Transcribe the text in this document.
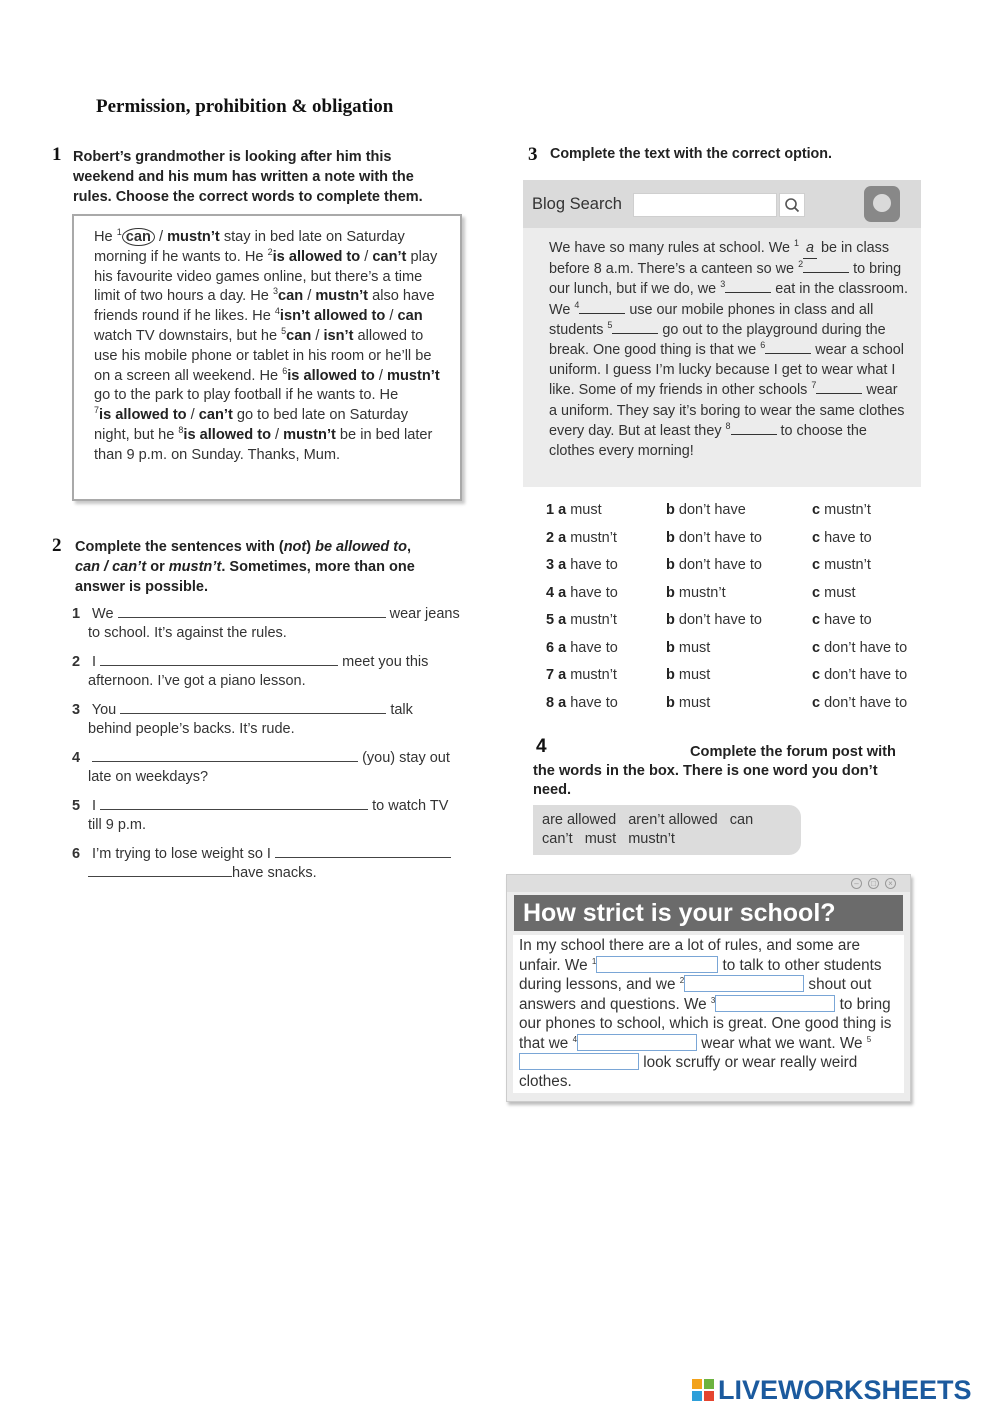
Permission, prohibition & obligation
1 Robert’s grandmother is looking after him this weekend and his mum has written a note with the rules. Choose the correct words to complete them.
He $^1$ can / mustn’t stay in bed late on Saturday morning if he wants to. He $^2$is allowed to / can’t play his favourite video games online, but there’s a time limit of two hours a day. He $^3$can / mustn’t also have friends round if he likes. He $^4$isn’t allowed to / can watch TV downstairs, but he $^5$can / isn’t allowed to use his mobile phone or tablet in his room or he’ll be on a screen all weekend. He $^6$is allowed to / mustn’t go to the park to play football if he wants to. He
$^7$is allowed to / can’t go to bed late on Saturday night, but he $^8$is allowed to / mustn’t be in bed later than 9 p.m. on Sunday. Thanks, Mum.
2 Complete the sentences with (not) be allowed to, can / can’t or mustn’t. Sometimes, more than one answer is possible.
1 We	wear jeans
to school. It’s against the rules.
2 I	meet you this
afternoon. I’ve got a piano lesson.
3 You	talk
behind people’s backs. It’s rude.
4	(you) stay out
late on weekdays?
5 I	to watch TV
till 9 p.m.
6 I’m trying to lose weight so I
have snacks.
3 Complete the text with the correct option.
Blog Search
We have so many rules at school. We $^1$ a be in class before 8 a.m. There’s a canteen so we $^2$	to bring our lunch, but if we do, we $^3$	eat in the classroom. We $^4$	use our mobile phones in class and all students $^5$	go out to the playground during the break. One good thing is that we $^6$	wear a school uniform. I guess I’m lucky because I get to wear what I like. Some of my friends in other schools $^7$	wear a uniform. They say it’s boring to wear the same clothes every day. But at least they $^8$	to choose the clothes every morning!
1 a must	b don’t have	c mustn’t
2 a mustn’t	b don’t have to	c have to
3 a have to	b don’t have to	c mustn’t
4 a have to	b mustn’t	c must
5 a mustn’t	b don’t have to	c have to
6 a have to	b must	c don’t have to
7 a mustn’t	b must	c don’t have to
8 a have to	b must	c don’t have to
4	Complete the forum post with
the words in the box. There is one word you don’t
need.
are allowed   aren’t allowed   can
can’t   must   mustn’t
–	□	×
How strict is your school?
In my school there are a lot of rules, and some are unfair. We $^1$	to talk to other students during lessons, and we $^2$	shout out answers and questions. We $^3$	to bring our phones to school, which is great. One good thing is that we $^4$	wear what we want. We $^5$ look scruffy or wear really weird clothes.
LIVEWORKSHEETS
